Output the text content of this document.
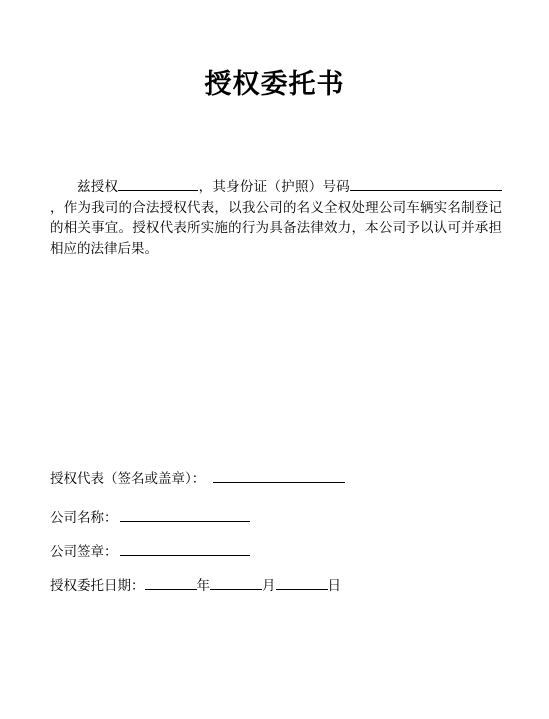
授权委托书
兹授权	，其身份证（护照）号码，作为我司的合法授权代表，以我公司的名义全权处理公司车辆实名制登记的相关事宜。授权代表所实施的行为具备法律效力，本公司予以认可并承担相应的法律后果。
授权代表（签名或盖章）：
公司名称：
公司签章：
授权委托日期：	年	月	日
